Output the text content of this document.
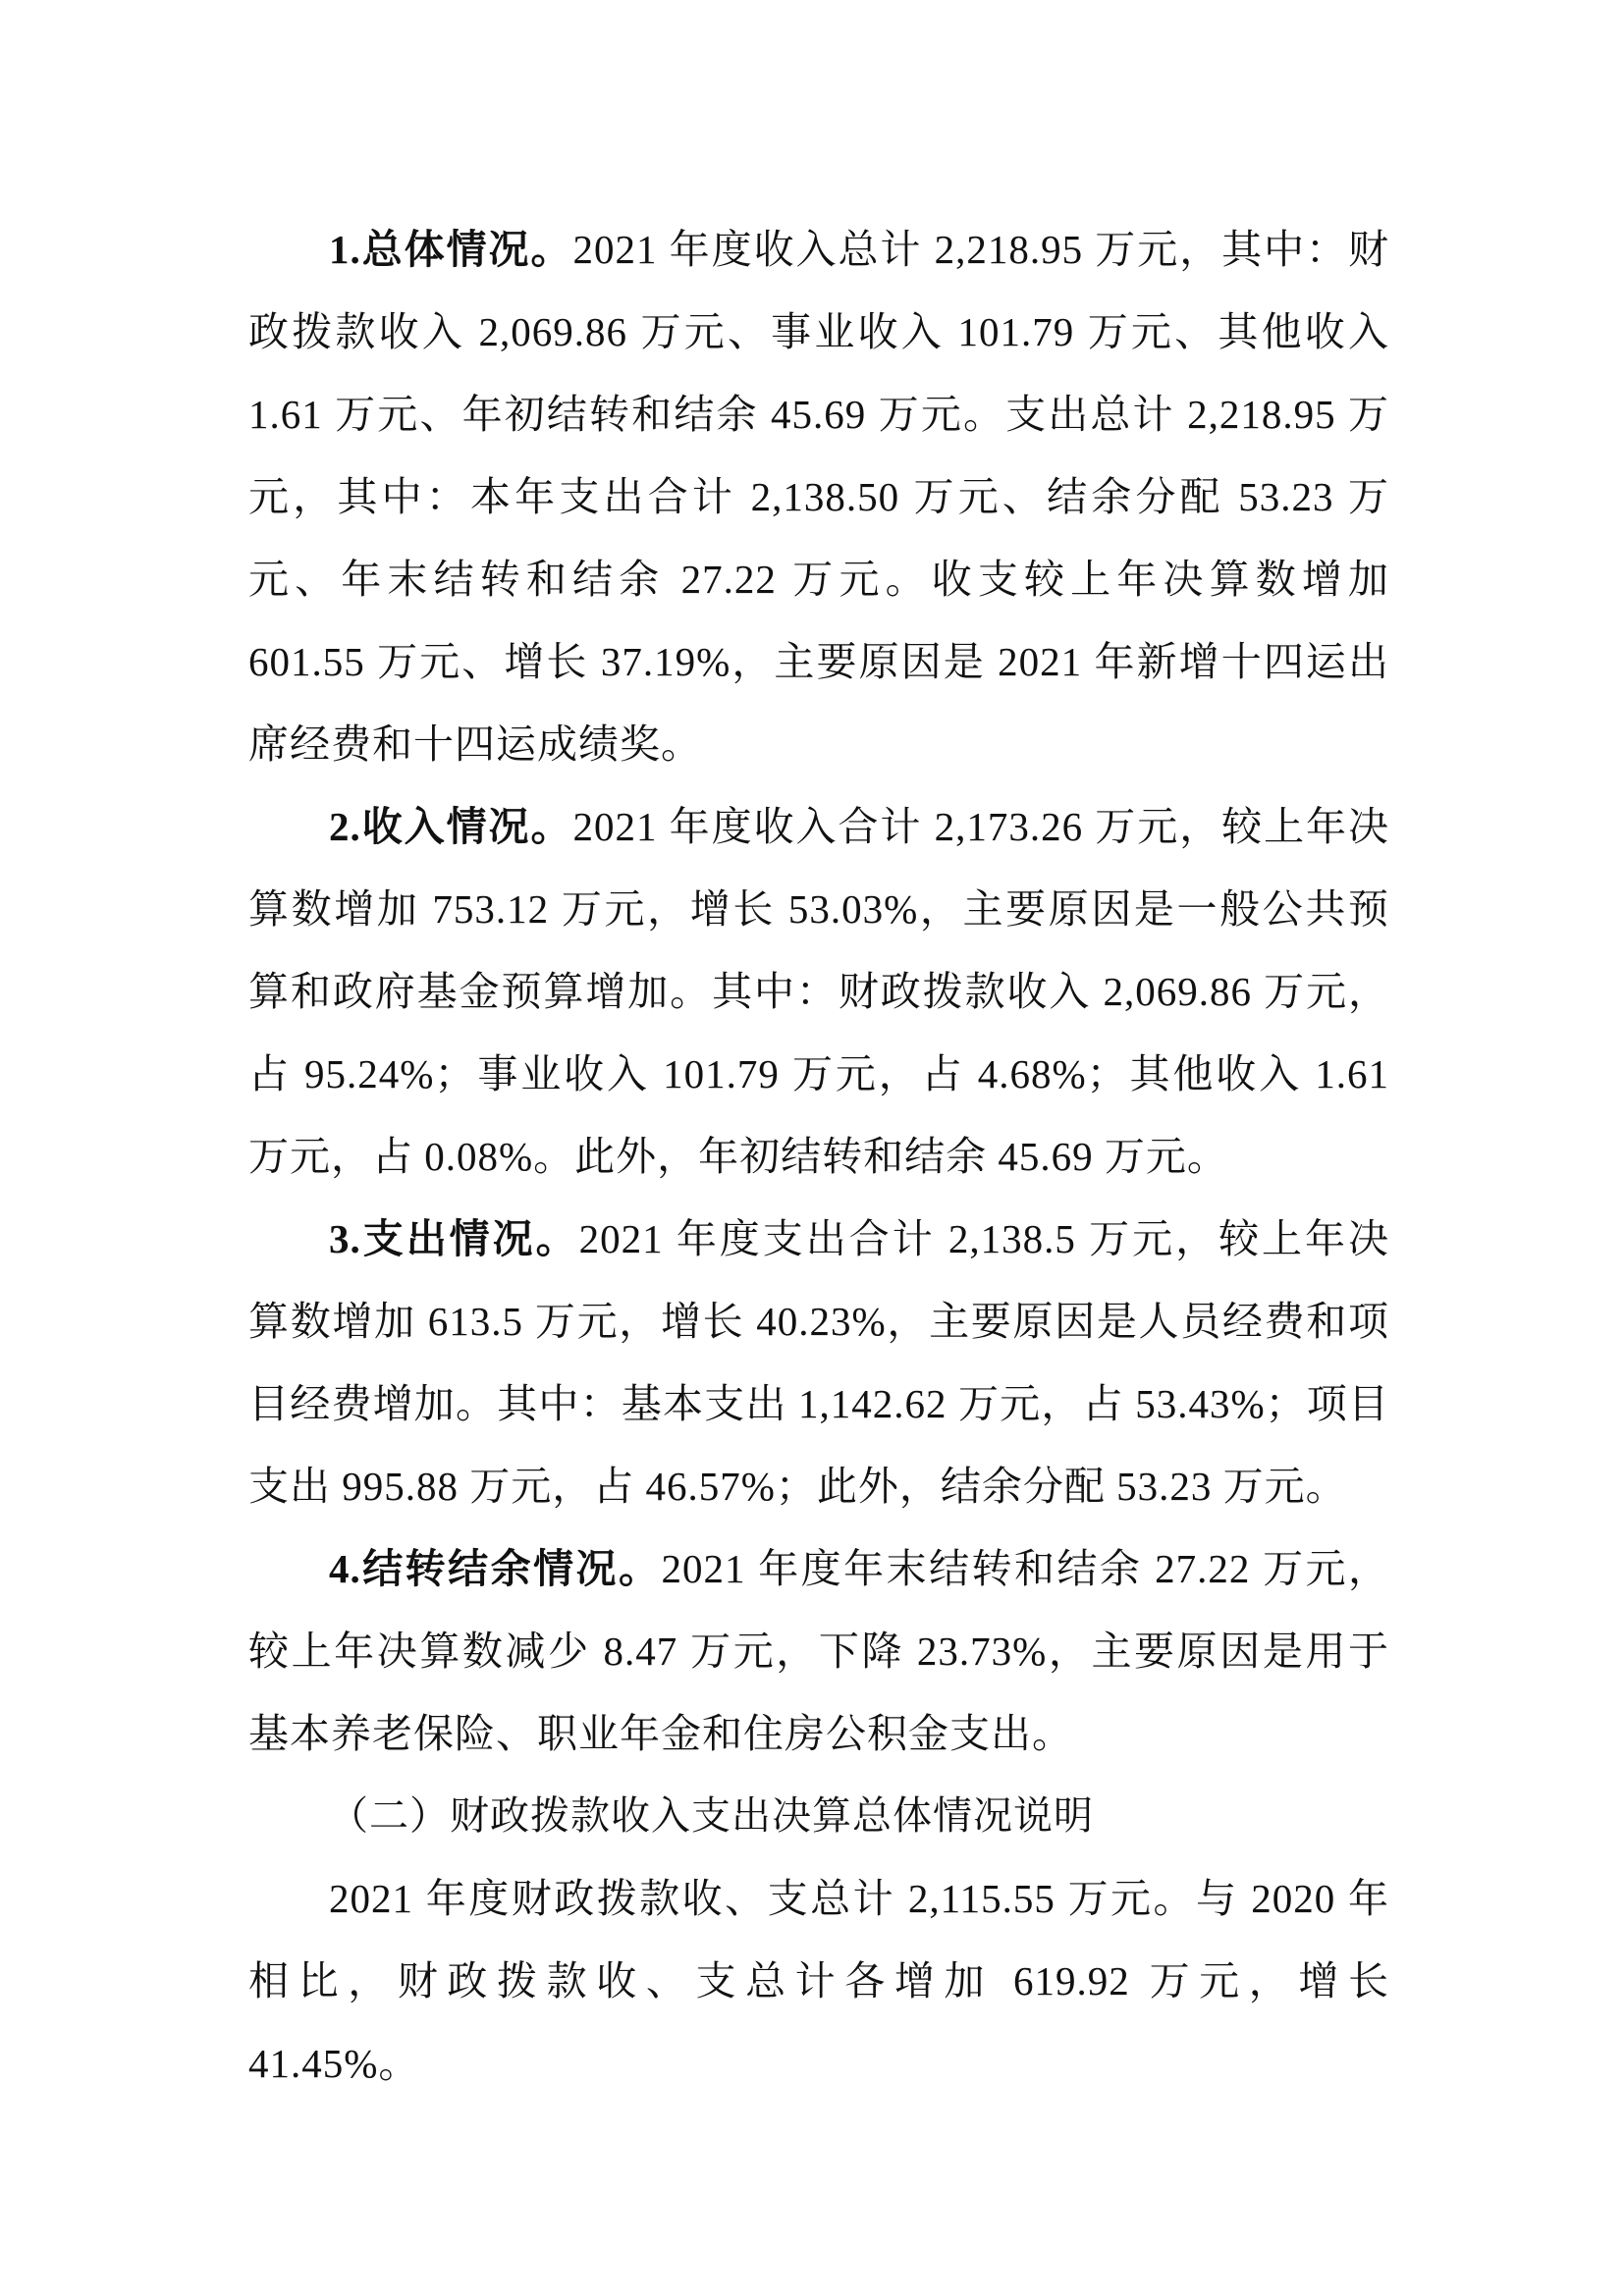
1.总体情况。2021 年度收入总计 2,218.95 万元，其中：财政拨款收入 2,069.86 万元、事业收入 101.79 万元、其他收入 1.61 万元、年初结转和结余 45.69 万元。支出总计 2,218.95 万元，其中：本年支出合计 2,138.50 万元、结余分配 53.23 万元、年末结转和结余 27.22 万元。收支较上年决算数增加 601.55 万元、增长 37.19%，主要原因是 2021 年新增十四运出席经费和十四运成绩奖。

2.收入情况。2021 年度收入合计 2,173.26 万元，较上年决算数增加 753.12 万元，增长 53.03%，主要原因是一般公共预算和政府基金预算增加。其中：财政拨款收入 2,069.86 万元，占 95.24%；事业收入 101.79 万元，占 4.68%；其他收入 1.61 万元，占 0.08%。此外，年初结转和结余 45.69 万元。

3.支出情况。2021 年度支出合计 2,138.5 万元，较上年决算数增加 613.5 万元，增长 40.23%，主要原因是人员经费和项目经费增加。其中：基本支出 1,142.62 万元，占 53.43%；项目支出 995.88 万元，占 46.57%；此外，结余分配 53.23 万元。

4.结转结余情况。2021 年度年末结转和结余 27.22 万元，较上年决算数减少 8.47 万元，下降 23.73%，主要原因是用于基本养老保险、职业年金和住房公积金支出。

（二）财政拨款收入支出决算总体情况说明

2021 年度财政拨款收、支总计 2,115.55 万元。与 2020 年相比，财政拨款收、支总计各增加 619.92 万元，增长 41.45%。
